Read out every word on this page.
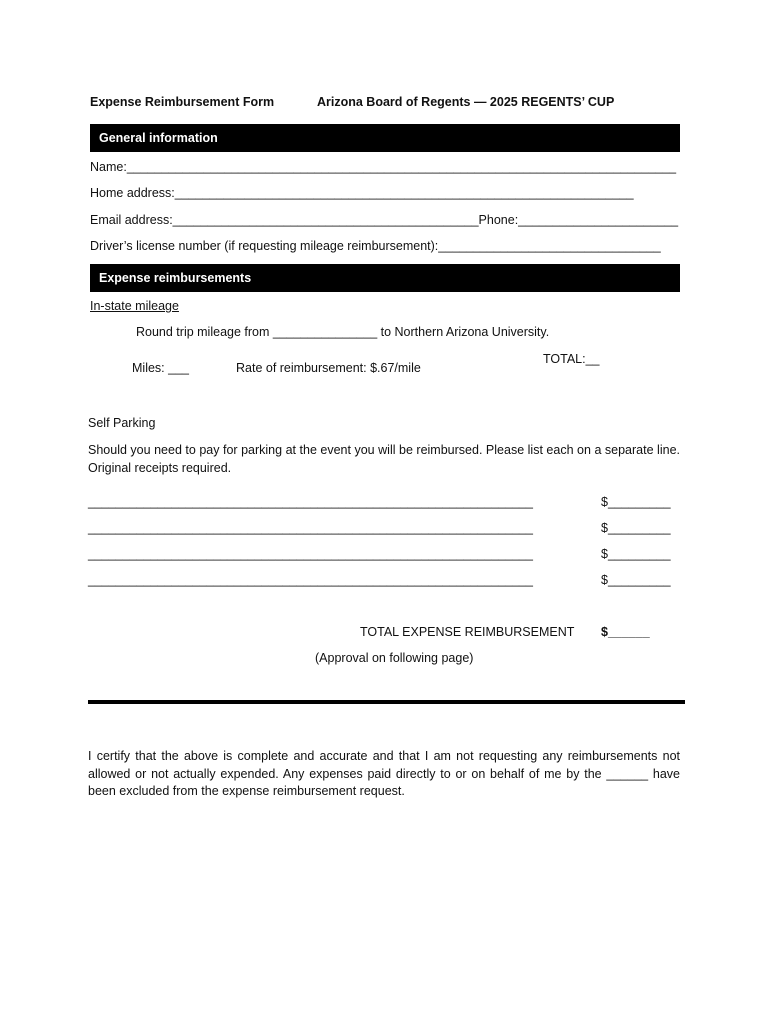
Expense Reimbursement Form	Arizona Board of Regents — 2025 REGENTS’ CUP
General information
Name:_______________________________________________________________________________
Home address:__________________________________________________________________
Email address:____________________________________________Phone:_______________________
Driver’s license number (if requesting mileage reimbursement):________________________________
Expense reimbursements
In-state mileage
Round trip mileage from _______________ to Northern Arizona University.
TOTAL:__
Miles: ___	Rate of reimbursement: $.67/mile
Self Parking
Should you need to pay for parking at the event you will be reimbursed. Please list each on a separate line. Original receipts required.
________________________________________________________________	$_________
________________________________________________________________	$_________
________________________________________________________________	$_________
________________________________________________________________	$_________
TOTAL EXPENSE REIMBURSEMENT $______
(Approval on following page)
I certify that the above is complete and accurate and that I am not requesting any reimbursements not allowed or not actually expended. Any expenses paid directly to or on behalf of me by the ______ have been excluded from the expense reimbursement request.
